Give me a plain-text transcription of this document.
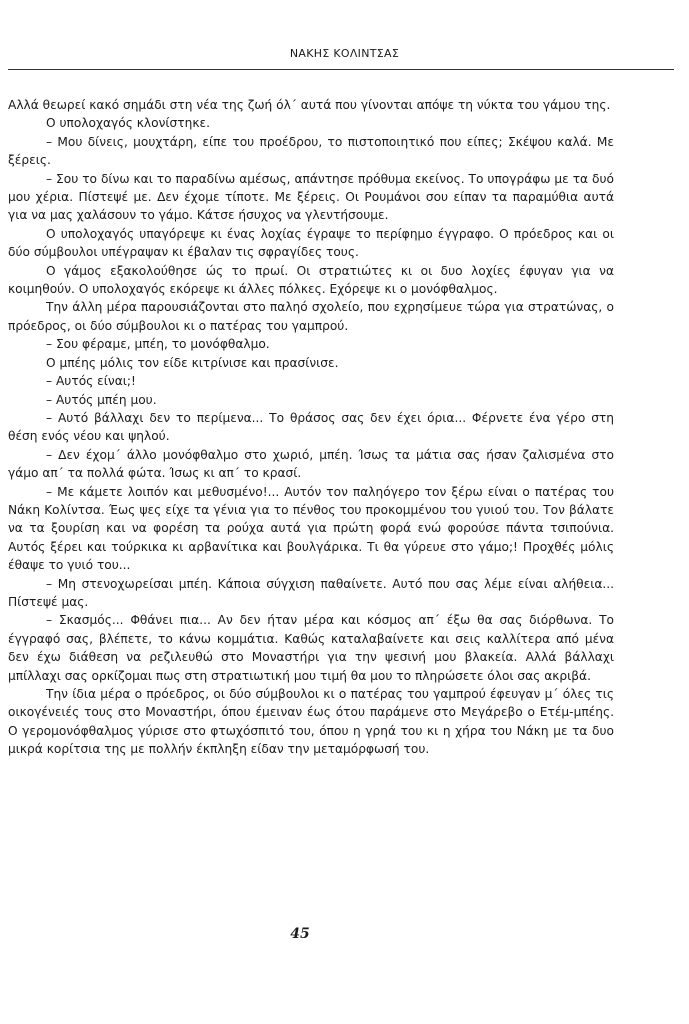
ΝΑΚΗΣ ΚΟΛΙΝΤΣΑΣ

Αλλά θεωρεί κακό σημάδι στη νέα της ζωή όλ΄ αυτά που γίνονται απόψε τη νύκτα του γάμου της.

Ο υπολοχαγός κλονίστηκε.

– Μου δίνεις, μουχτάρη, είπε του προέδρου, το πιστοποιητικό που είπες; Σκέψου καλά. Με ξέρεις.

– Σου το δίνω και το παραδίνω αμέσως, απάντησε πρόθυμα εκείνος. Το υπογράφω με τα δυό μου χέρια. Πίστεψέ με. Δεν έχομε τίποτε. Με ξέρεις. Οι Ρουμάνοι σου είπαν τα παραμύθια αυτά για να μας χαλάσουν το γάμο. Κάτσε ήσυχος να γλεντήσουμε.

Ο υπολοχαγός υπαγόρεψε κι ένας λοχίας έγραψε το περίφημο έγγραφο. Ο πρόεδρος και οι δύο σύμβουλοι υπέγραψαν κι έβαλαν τις σφραγίδες τους.

Ο γάμος εξακολούθησε ώς το πρωί. Οι στρατιώτες κι οι δυο λοχίες έφυγαν για να κοιμηθούν. Ο υπολοχαγός εκόρεψε κι άλλες πόλκες. Εχόρεψε κι ο μονόφθαλμος.

Την άλλη μέρα παρουσιάζονται στο παληό σχολείο, που εχρησίμευε τώρα για στρατώνας, ο πρόεδρος, οι δύο σύμβουλοι κι ο πατέρας του γαμπρού.

– Σου φέραμε, μπέη, το μονόφθαλμο.

Ο μπέης μόλις τον είδε κιτρίνισε και πρασίνισε.

– Αυτός είναι;!

– Αυτός μπέη μου.

– Αυτό βάλλαχι δεν το περίμενα... Το θράσος σας δεν έχει όρια... Φέρνετε ένα γέρο στη θέση ενός νέου και ψηλού.

– Δεν έχομ΄ άλλο μονόφθαλμο στο χωριό, μπέη. Ίσως τα μάτια σας ήσαν ζαλισμένα στο γάμο απ΄ τα πολλά φώτα. Ίσως κι απ΄ το κρασί.

– Με κάμετε λοιπόν και μεθυσμένο!... Αυτόν τον παληόγερο τον ξέρω είναι ο πατέρας του Νάκη Κολίντσα. Έως ψες είχε τα γένια για το πένθος του προκομμένου του γυιού του. Τον βάλατε να τα ξουρίση και να φορέση τα ρούχα αυτά για πρώτη φορά ενώ φορούσε πάντα τσιπούνια. Αυτός ξέρει και τούρκικα κι αρβανίτικα και βουλγάρικα. Τι θα γύρευε στο γάμο;! Προχθές μόλις έθαψε το γυιό του...

– Μη στενοχωρείσαι μπέη. Κάποια σύγχιση παθαίνετε. Αυτό που σας λέμε είναι αλήθεια... Πίστεψέ μας.

– Σκασμός... Φθάνει πια... Αν δεν ήταν μέρα και κόσμος απ΄ έξω θα σας διόρθωνα. Το έγγραφό σας, βλέπετε, το κάνω κομμάτια. Καθώς καταλαβαίνετε και σεις καλλίτερα από μένα δεν έχω διάθεση να ρεζιλευθώ στο Μοναστήρι για την ψεσινή μου βλακεία. Αλλά βάλλαχι μπίλλαχι σας ορκίζομαι πως στη στρατιωτική μου τιμή θα μου το πληρώσετε όλοι σας ακριβά.

Την ίδια μέρα ο πρόεδρος, οι δύο σύμβουλοι κι ο πατέρας του γαμπρού έφευγαν μ΄ όλες τις οικογένειές τους στο Μοναστήρι, όπου έμειναν έως ότου παράμενε στο Μεγάρεβο ο Ετέμ-μπέης. Ο γερομονόφθαλμος γύρισε στο φτωχόσπιτό του, όπου η γρηά του κι η χήρα του Νάκη με τα δυο μικρά κορίτσια της με πολλήν έκπληξη είδαν την μεταμόρφωσή του.

45
